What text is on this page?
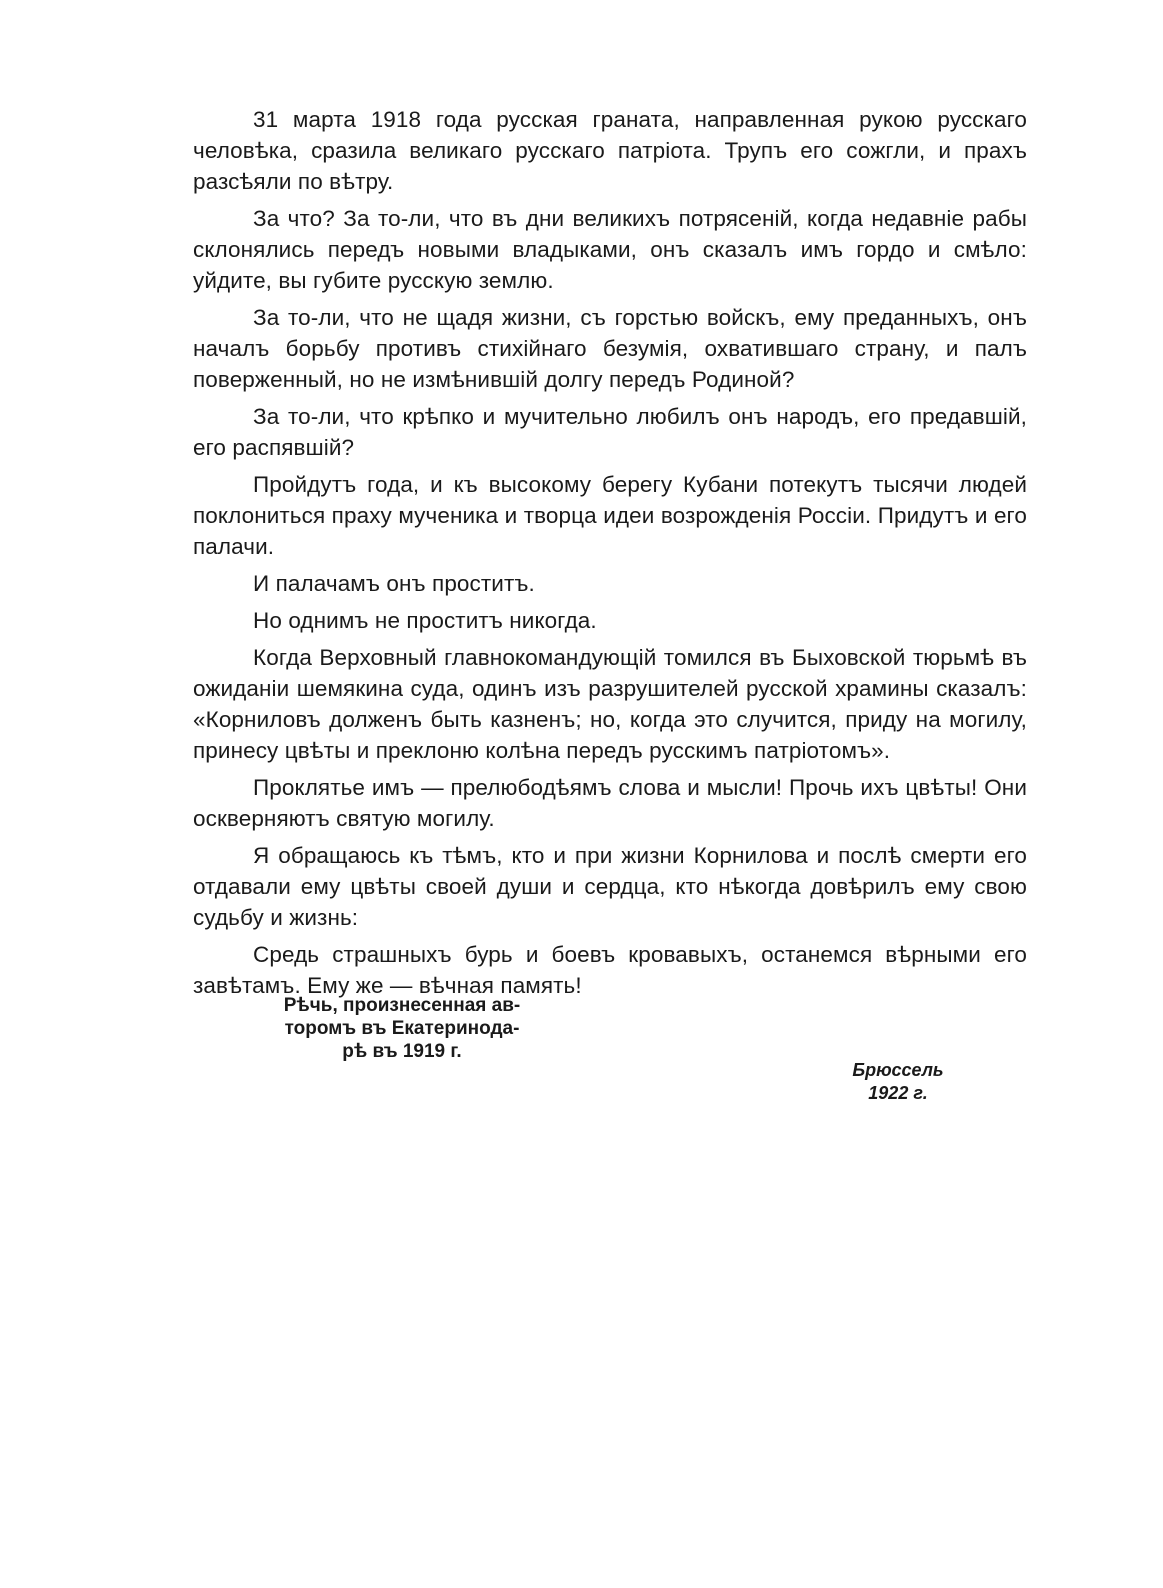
31 марта 1918 года русская граната, направленная рукою русскаго человѣка, сразила великаго русскаго патріота. Трупъ его сожгли, и прахъ разсѣяли по вѣтру.

За что? За то-ли, что въ дни великихъ потрясеній, когда недавніе рабы склонялись передъ новыми владыками, онъ сказалъ имъ гордо и смѣло: уйдите, вы губите русскую землю.

За то-ли, что не щадя жизни, съ горстью войскъ, ему преданныхъ, онъ началъ борьбу противъ стихійнаго безумія, охватившаго страну, и палъ поверженный, но не измѣнившій долгу передъ Родиной?

За то-ли, что крѣпко и мучительно любилъ онъ народъ, его предавшій, его распявшій?

Пройдутъ года, и къ высокому берегу Кубани потекутъ тысячи людей поклониться праху мученика и творца идеи возрожденія Россіи. Придутъ и его палачи.

И палачамъ онъ проститъ.

Но однимъ не проститъ никогда.

Когда Верховный главнокомандующій томился въ Быховской тюрьмѣ въ ожиданіи шемякина суда, одинъ изъ разрушителей русской храмины сказалъ: «Корниловъ долженъ быть казненъ; но, когда это случится, приду на могилу, принесу цвѣты и преклоню колѣна передъ русскимъ патріотомъ».

Проклятье имъ — прелюбодѣямъ слова и мысли! Прочь ихъ цвѣты! Они оскверняютъ святую могилу.

Я обращаюсь къ тѣмъ, кто и при жизни Корнилова и послѣ смерти его отдавали ему цвѣты своей души и сердца, кто нѣкогда довѣрилъ ему свою судьбу и жизнь:

Средь страшныхъ бурь и боевъ кровавыхъ, останемся вѣрными его завѣтамъ. Ему же — вѣчная память!

Рѣчь, произнесенная ав-
торомъ въ Екатеринода-
рѣ въ 1919 г.
Брюссель
1922 г.
